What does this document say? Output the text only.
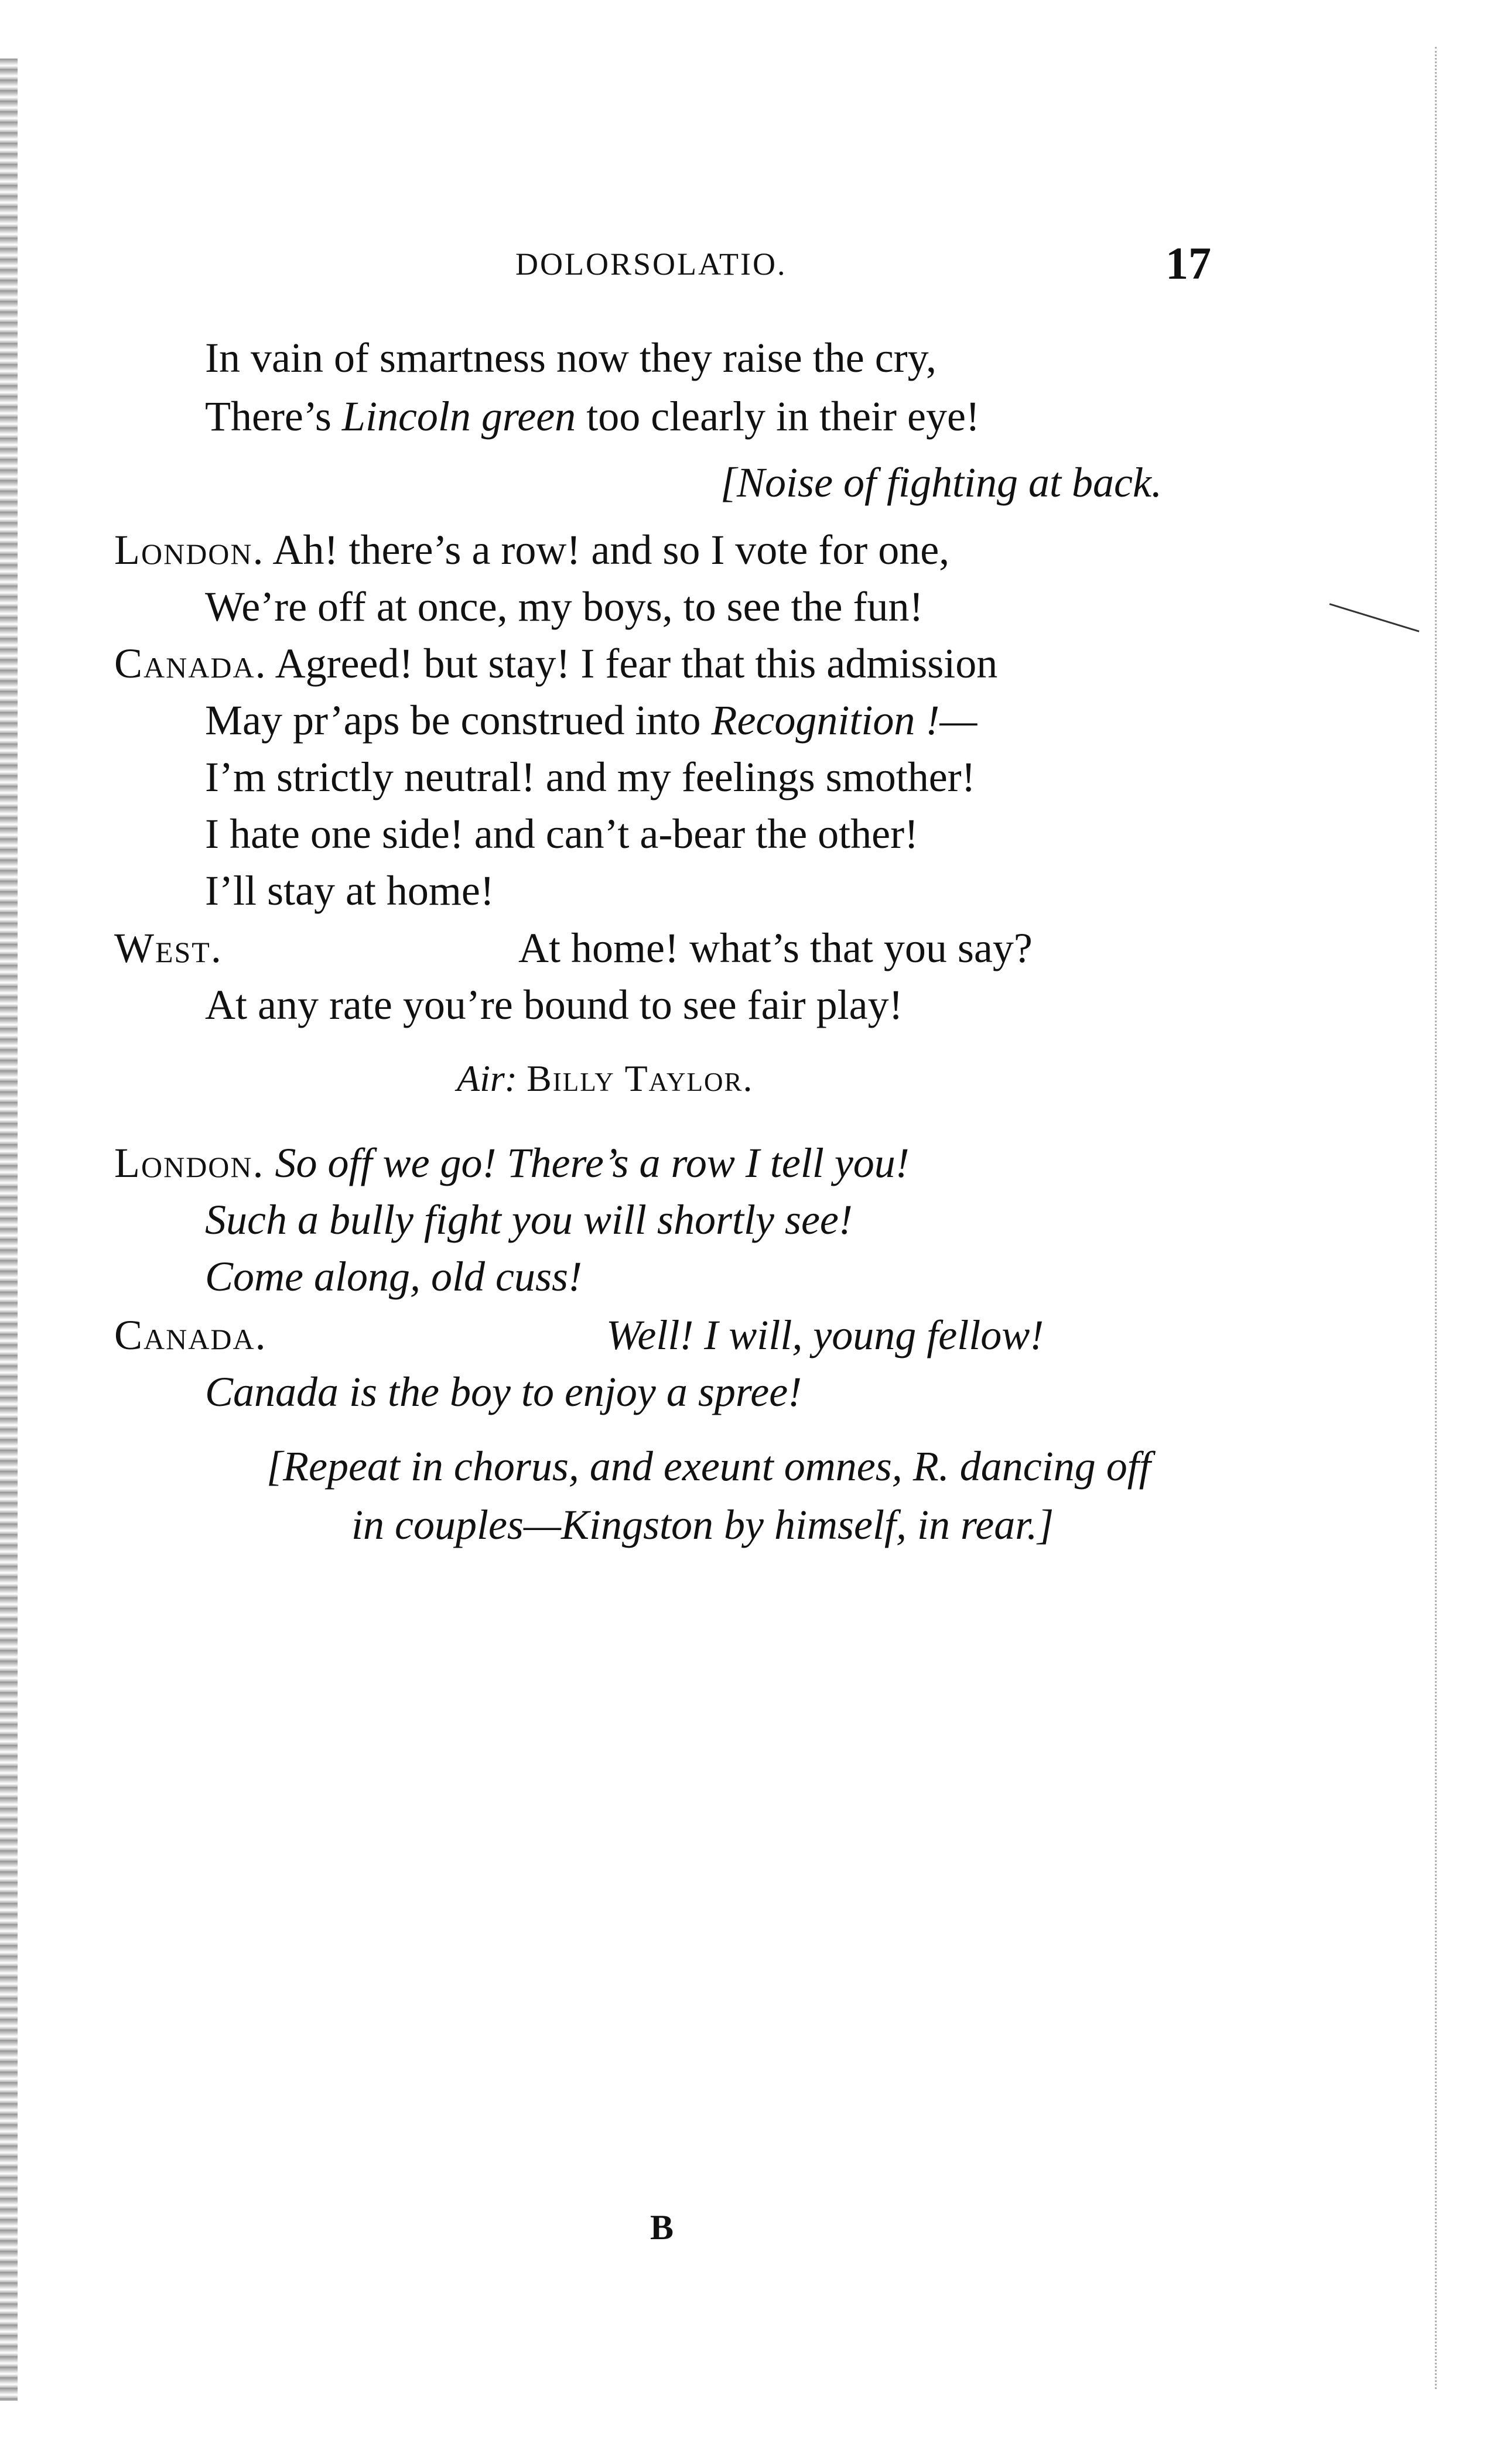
DOLORSOLATIO.	17
In vain of smartness now they raise the cry,
There’s Lincoln green too clearly in their eye!
[Noise of fighting at back.
London. Ah! there’s a row! and so I vote for one,
We’re off at once, my boys, to see the fun!
Canada. Agreed! but stay! I fear that this admission
May pr’aps be construed into Recognition !—
I’m strictly neutral! and my feelings smother!
I hate one side! and can’t a-bear the other!
I’ll stay at home!
West.	At home! what’s that you say?
At any rate you’re bound to see fair play!
Air: Billy Taylor.
London. So off we go! There’s a row I tell you!
Such a bully fight you will shortly see!
Come along, old cuss!
Canada.	Well! I will, young fellow!
Canada is the boy to enjoy a spree!
[Repeat in chorus, and exeunt omnes, R. dancing off
in couples—Kingston by himself, in rear.]
B
